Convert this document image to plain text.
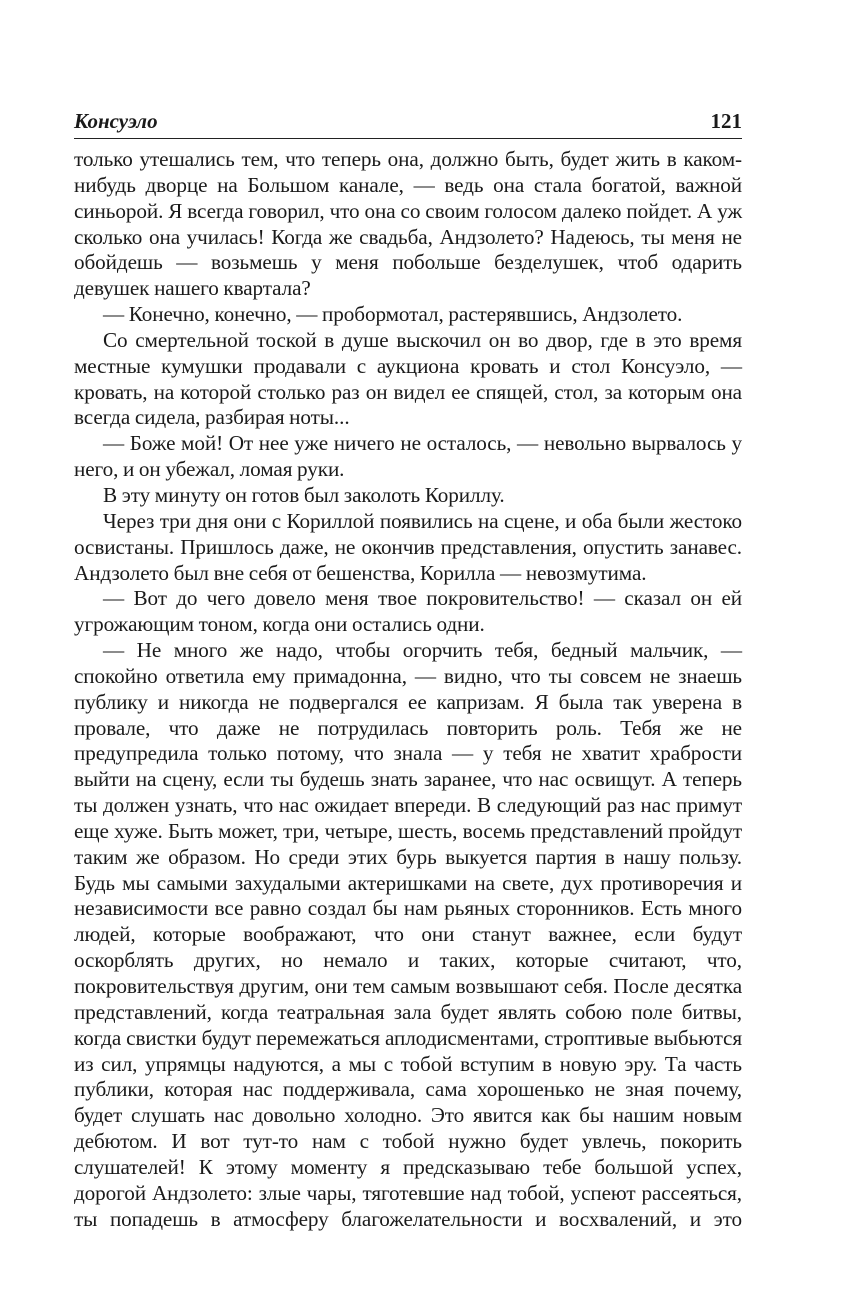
Консуэло	121

только утешались тем, что теперь она, должно быть, будет жить в каком-нибудь дворце на Большом канале, — ведь она стала богатой, важной синьорой. Я всегда говорил, что она со своим голосом далеко пойдет. А уж сколько она училась! Когда же свадьба, Андзолето? Надеюсь, ты меня не обойдешь — возьмешь у меня побольше безделушек, чтоб одарить девушек нашего квартала?

— Конечно, конечно, — пробормотал, растерявшись, Андзолето.

Со смертельной тоской в душе выскочил он во двор, где в это время местные кумушки продавали с аукциона кровать и стол Консуэло, — кровать, на которой столько раз он видел ее спящей, стол, за которым она всегда сидела, разбирая ноты...

— Боже мой! От нее уже ничего не осталось, — невольно вырвалось у него, и он убежал, ломая руки.

В эту минуту он готов был заколоть Кориллу.

Через три дня они с Кориллой появились на сцене, и оба были жестоко освистаны. Пришлось даже, не окончив представления, опустить занавес. Андзолето был вне себя от бешенства, Корилла — невозмутима.

— Вот до чего довело меня твое покровительство! — сказал он ей угрожающим тоном, когда они остались одни.

— Не много же надо, чтобы огорчить тебя, бедный мальчик, — спокойно ответила ему примадонна, — видно, что ты совсем не знаешь публику и никогда не подвергался ее капризам. Я была так уверена в провале, что даже не потрудилась повторить роль. Тебя же не предупредила только потому, что знала — у тебя не хватит храбрости выйти на сцену, если ты будешь знать заранее, что нас освищут. А теперь ты должен узнать, что нас ожидает впереди. В следующий раз нас примут еще хуже. Быть может, три, четыре, шесть, восемь представлений пройдут таким же образом. Но среди этих бурь выкуется партия в нашу пользу. Будь мы самыми захудалыми актеришками на свете, дух противоречия и независимости все равно создал бы нам рьяных сторонников. Есть много людей, которые воображают, что они станут важнее, если будут оскорблять других, но немало и таких, которые считают, что, покровительствуя другим, они тем самым возвышают себя. После десятка представлений, когда театральная зала будет являть собою поле битвы, когда свистки будут перемежаться аплодисментами, строптивые выбьются из сил, упрямцы надуются, а мы с тобой вступим в новую эру. Та часть публики, которая нас поддерживала, сама хорошенько не зная почему, будет слушать нас довольно холодно. Это явится как бы нашим новым дебютом. И вот тут-то нам с тобой нужно будет увлечь, покорить слушателей! К этому моменту я предсказываю тебе большой успех, дорогой Андзолето: злые чары, тяготевшие над тобой, успеют рассеяться, ты попадешь в атмосферу благожелательности и восхвалений, и это
